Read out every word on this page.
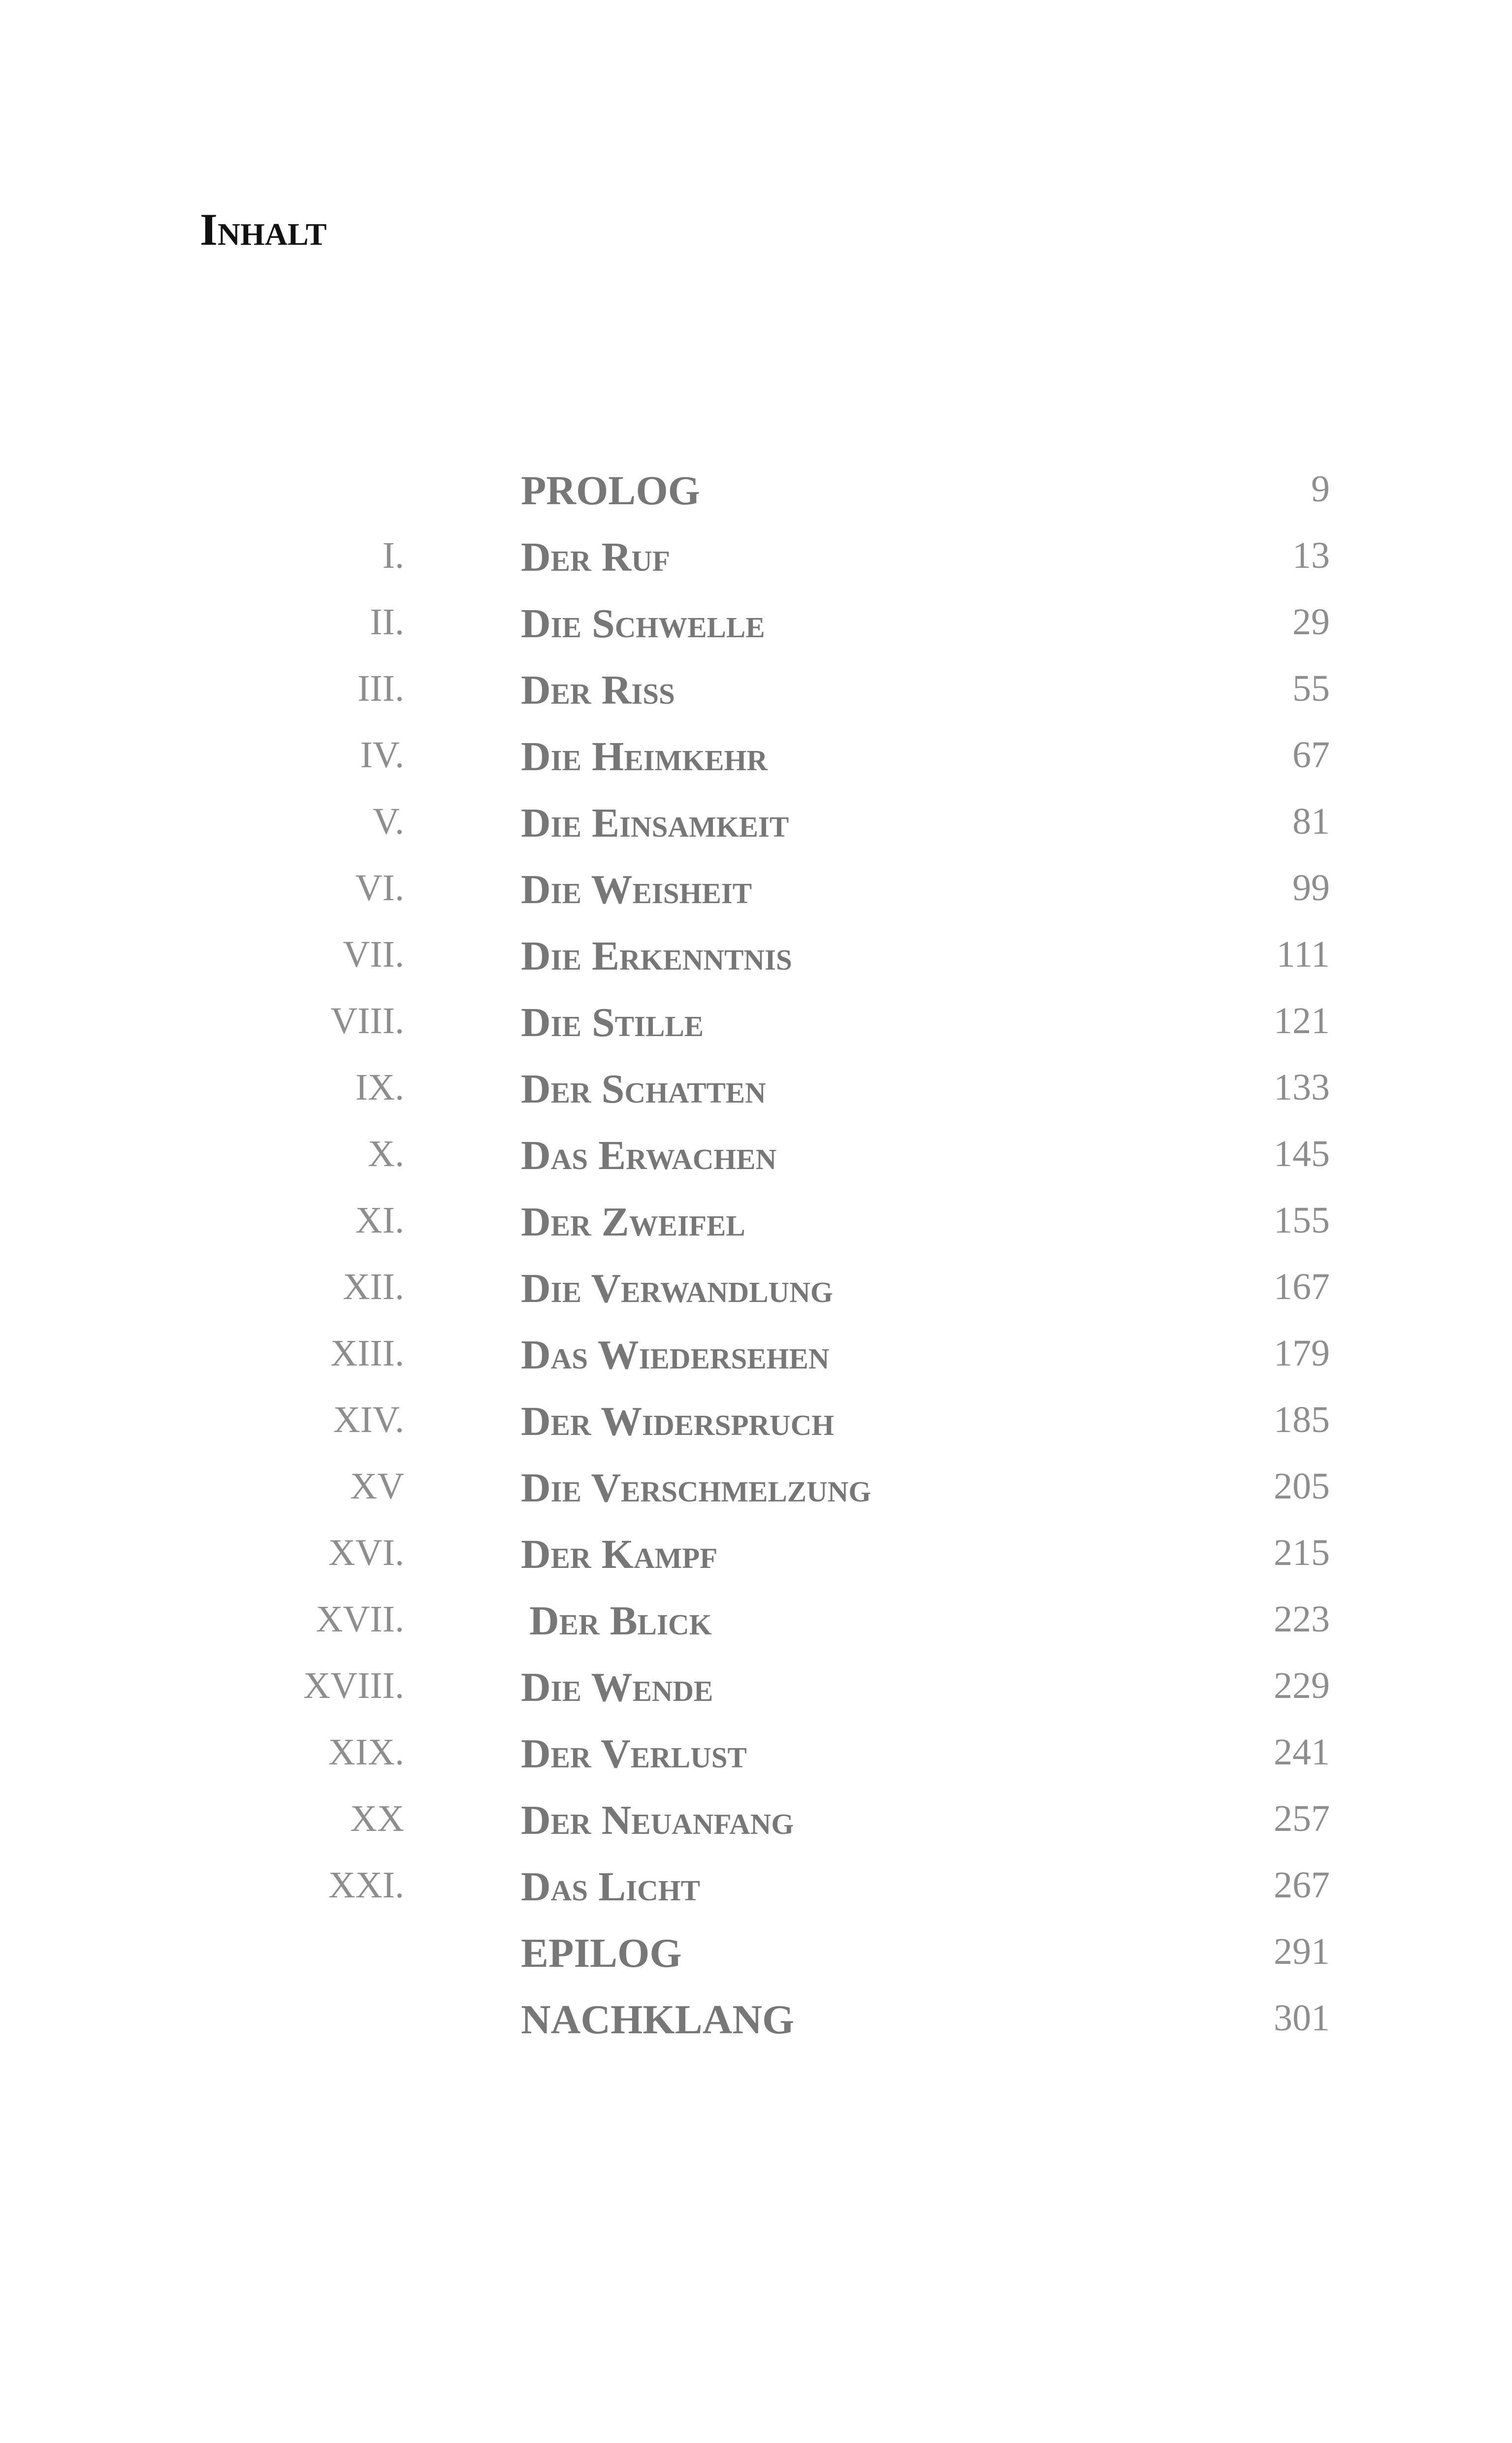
Inhalt
PROLOG	9
I.	Der Ruf	13
II.	Die Schwelle	29
III.	Der Riss	55
IV.	Die Heimkehr	67
V.	Die Einsamkeit	81
VI.	Die Weisheit	99
VII.	Die Erkenntnis	111
VIII.	Die Stille	121
IX.	Der Schatten	133
X.	Das Erwachen	145
XI.	Der Zweifel	155
XII.	Die Verwandlung	167
XIII.	Das Wiedersehen	179
XIV.	Der Widerspruch	185
XV	Die Verschmelzung	205
XVI.	Der Kampf	215
XVII.	Der Blick	223
XVIII.	Die Wende	229
XIX.	Der Verlust	241
XX	Der Neuanfang	257
XXI.	Das Licht	267
EPILOG	291
NACHKLANG	301
